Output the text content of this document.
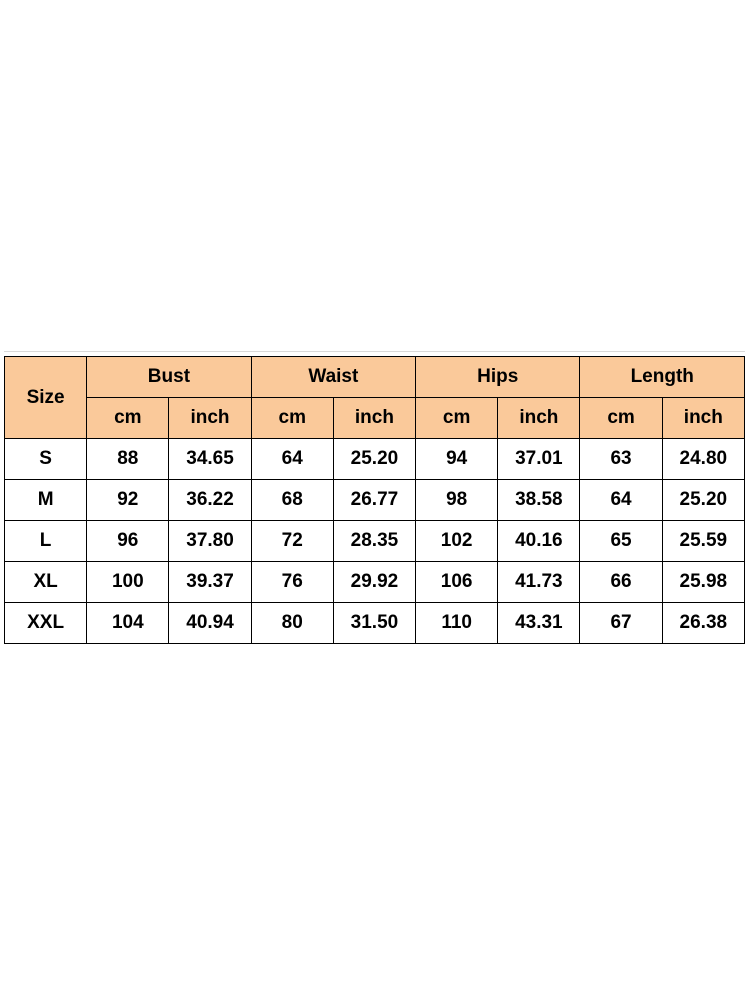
Size	Bust		Waist		Hips		Length	
	cm	inch	cm	inch	cm	inch	cm	inch
S	88	34.65	64	25.20	94	37.01	63	24.80
M	92	36.22	68	26.77	98	38.58	64	25.20
L	96	37.80	72	28.35	102	40.16	65	25.59
XL	100	39.37	76	29.92	106	41.73	66	25.98
XXL	104	40.94	80	31.50	110	43.31	67	26.38
